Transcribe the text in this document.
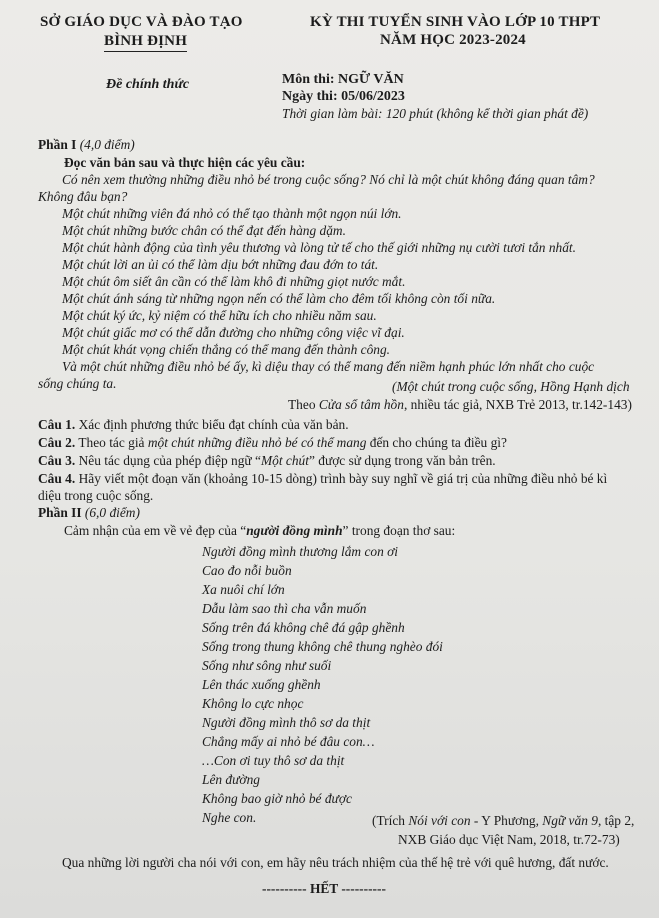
SỞ GIÁO DỤC VÀ ĐÀO TẠO
BÌNH ĐỊNH
Đề chính thức
KỲ THI TUYỂN SINH VÀO LỚP 10 THPT
NĂM HỌC 2023-2024
Môn thi: NGỮ VĂN
Ngày thi: 05/06/2023
Thời gian làm bài: 120 phút (không kể thời gian phát đề)
Phần I (4,0 điểm)
Đọc văn bản sau và thực hiện các yêu cầu:
Có nên xem thường những điều nhỏ bé trong cuộc sống? Nó chỉ là một chút không đáng quan tâm?
Không đâu bạn?
Một chút những viên đá nhỏ có thể tạo thành một ngọn núi lớn.
Một chút những bước chân có thể đạt đến hàng dặm.
Một chút hành động của tình yêu thương và lòng tử tế cho thế giới những nụ cười tươi tắn nhất.
Một chút lời an ủi có thể làm dịu bớt những đau đớn to tát.
Một chút ôm siết ân cần có thể làm khô đi những giọt nước mắt.
Một chút ánh sáng từ những ngọn nến có thể làm cho đêm tối không còn tối nữa.
Một chút ký ức, kỷ niệm có thể hữu ích cho nhiều năm sau.
Một chút giấc mơ có thể dẫn đường cho những công việc vĩ đại.
Một chút khát vọng chiến thắng có thể mang đến thành công.
Và một chút những điều nhỏ bé ấy, kì diệu thay có thể mang đến niềm hạnh phúc lớn nhất cho cuộc
sống chúng ta.	(Một chút trong cuộc sống, Hồng Hạnh dịch
Theo Cửa sổ tâm hồn, nhiều tác giả, NXB Trẻ 2013, tr.142-143)
Câu 1. Xác định phương thức biểu đạt chính của văn bản.
Câu 2. Theo tác giả một chút những điều nhỏ bé có thể mang đến cho chúng ta điều gì?
Câu 3. Nêu tác dụng của phép điệp ngữ “Một chút” được sử dụng trong văn bản trên.
Câu 4. Hãy viết một đoạn văn (khoảng 10-15 dòng) trình bày suy nghĩ về giá trị của những điều nhỏ bé kì
diệu trong cuộc sống.
Phần II (6,0 điểm)
Cảm nhận của em về vẻ đẹp của “người đồng mình” trong đoạn thơ sau:
Người đồng mình thương lắm con ơi
Cao đo nỗi buồn
Xa nuôi chí lớn
Dẫu làm sao thì cha vẫn muốn
Sống trên đá không chê đá gập ghềnh
Sống trong thung không chê thung nghèo đói
Sống như sông như suối
Lên thác xuống ghềnh
Không lo cực nhọc
Người đồng mình thô sơ da thịt
Chẳng mấy ai nhỏ bé đâu con…
…Con ơi tuy thô sơ da thịt
Lên đường
Không bao giờ nhỏ bé được
Nghe con.	(Trích Nói với con - Y Phương, Ngữ văn 9, tập 2,
NXB Giáo dục Việt Nam, 2018, tr.72-73)
Qua những lời người cha nói với con, em hãy nêu trách nhiệm của thế hệ trẻ với quê hương, đất nước.
---------- HẾT ----------
